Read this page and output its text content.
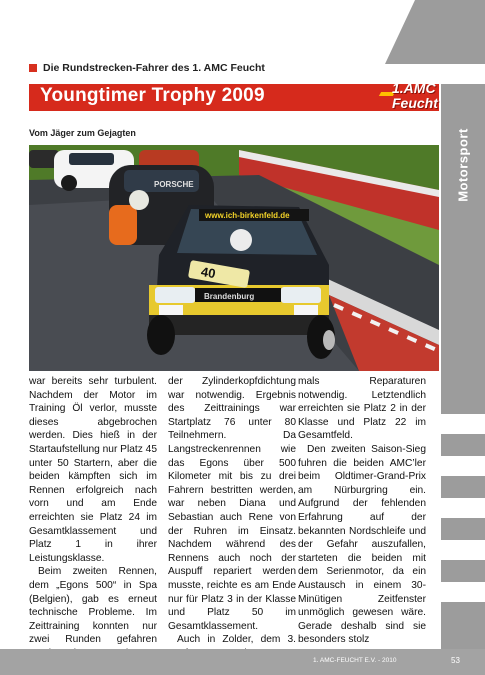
Motorsport
Die Rundstrecken-Fahrer des 1. AMC Feucht
Youngtimer Trophy 2009	1.AMC
Feucht
Vom Jäger zum Gejagten
PORSCHE
www.ich-birkenfeld.de
Brandenburg
40

war bereits sehr turbulent. Nachdem der Motor im Training Öl verlor, musste dieses abgebrochen werden. Dies hieß in der Startaufstellung nur Platz 45 unter 50 Startern, aber die beiden kämpften sich im Rennen erfolgreich nach vorn und am Ende erreichten sie Platz 24 im Gesamtklassement und Platz 1 in ihrer Leistungsklasse.

Beim zweiten Rennen, dem „Egons 500“ in Spa (Belgien), gab es erneut technische Probleme. Im Zeittraining konnten nur zwei Runden gefahren

der Zylinderkopfdichtung war notwendig. Ergebnis des Zeittrainings war Startplatz 76 unter 80 Teilnehmern. Da Langstreckenrennen wie das Egons über 500 Kilometer mit bis zu drei Fahrern bestritten werden, war neben Diana und Sebastian auch Rene von der Ruhren im Einsatz. Nachdem während des Rennens auch noch der Auspuff repariert werden musste, reichte es am Ende nur für Platz 3 in der Klasse und Platz 50 im Gesamtklassement.

Auch in Zolder, dem 3.

mals Reparaturen notwendig. Letztendlich erreichten sie Platz 2 in der Klasse und Platz 22 im Gesamtfeld.

Den zweiten Saison-Sieg fuhren die beiden AMC’ler beim Oldtimer-Grand-Prix am Nürburgring ein. Aufgrund der fehlenden Erfahrung auf der bekannten Nordschleife und der Gefahr auszufallen, starteten die beiden mit dem Serienmotor, da ein Austausch in einem 30-Minütigen Zeitfenster unmöglich gewesen wäre. Gerade deshalb sind sie besonders stolz

1. AMC-FEUCHT E.V. - 2010	53
